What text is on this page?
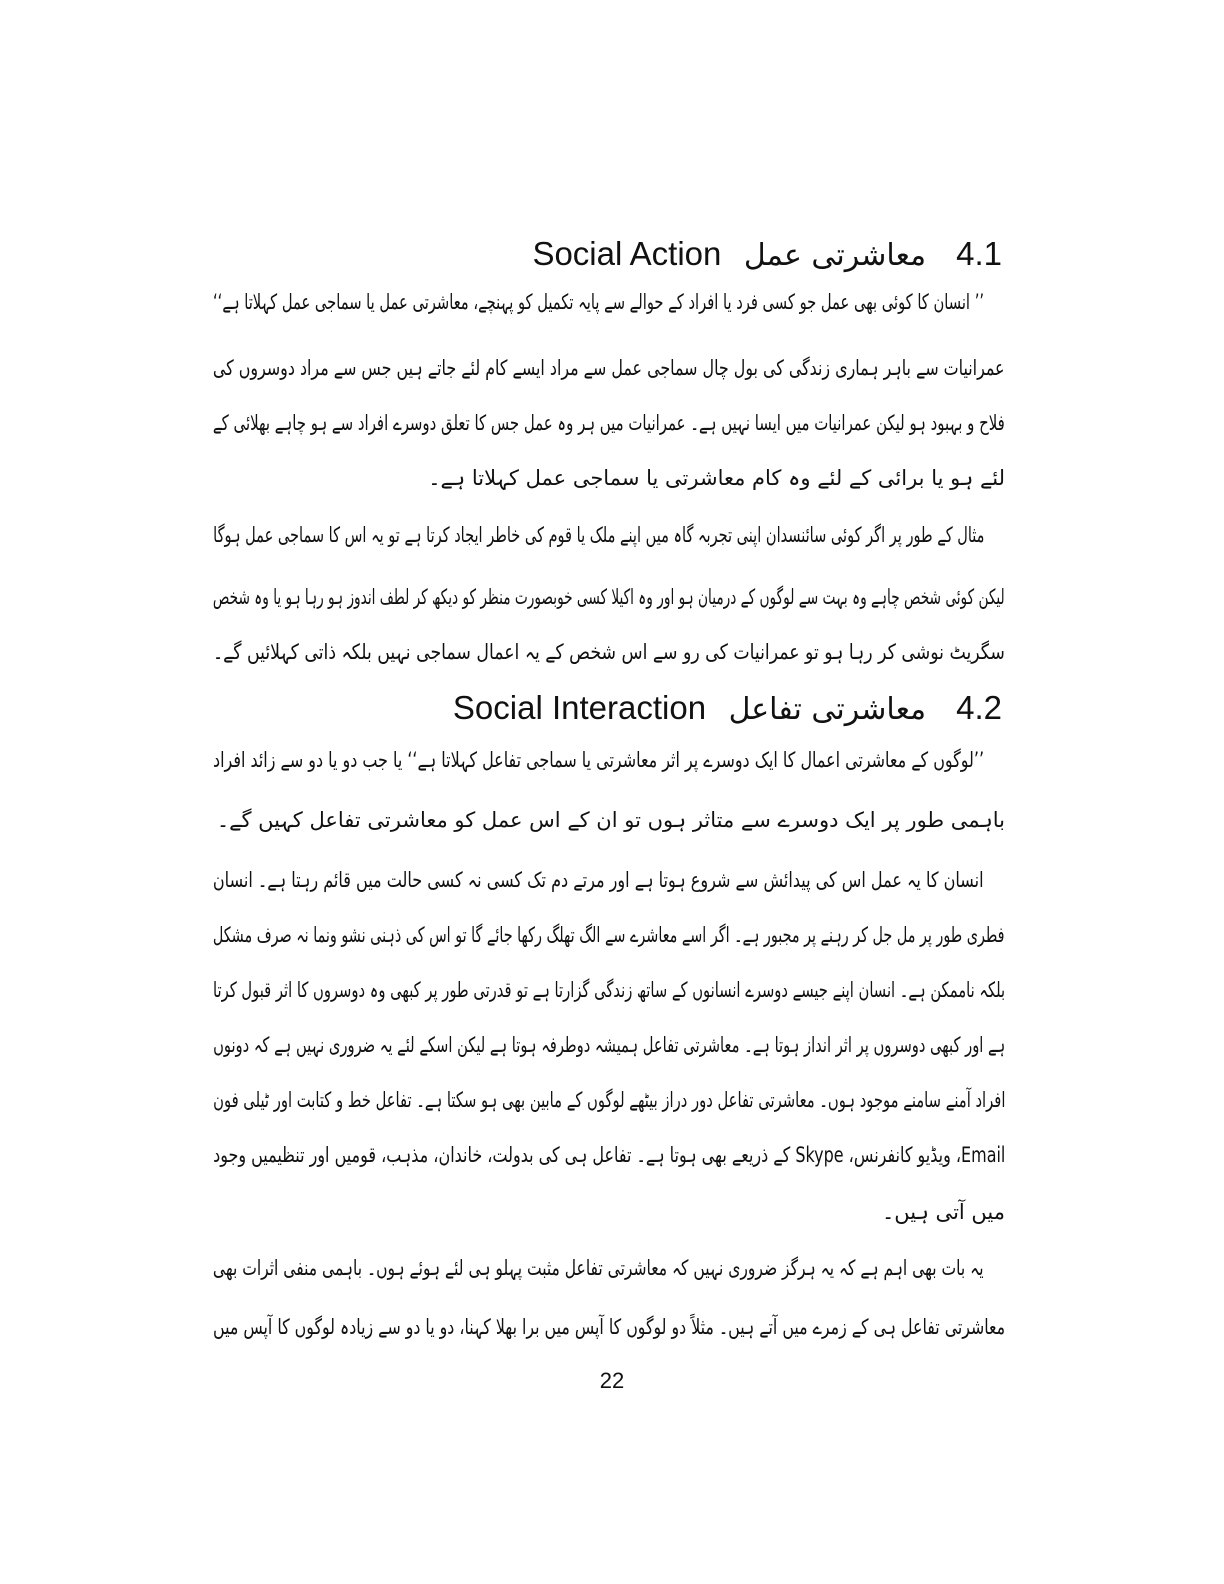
4.1معاشرتی عمل Social Action
’’ انسان کا کوئی بھی عمل جو کسی فرد یا افراد کے حوالے سے پایہ تکمیل کو پہنچے، معاشرتی عمل یا سماجی عمل کہلاتا ہے‘‘
عمرانیات سے باہر ہماری زندگی کی بول چال سماجی عمل سے مراد ایسے کام لئے جاتے ہیں جس سے مراد دوسروں کی
فلاح و بہبود ہو لیکن عمرانیات میں ایسا نہیں ہے۔ عمرانیات میں ہر وہ عمل جس کا تعلق دوسرے افراد سے ہو چاہے بھلائی کے
لئے ہو یا برائی کے لئے وہ کام معاشرتی یا سماجی عمل کہلاتا ہے۔
مثال کے طور پر اگر کوئی سائنسدان اپنی تجربہ گاہ میں اپنے ملک یا قوم کی خاطر ایجاد کرتا ہے تو یہ اس کا سماجی عمل ہوگا
لیکن کوئی شخص چاہے وہ بہت سے لوگوں کے درمیان ہو اور وہ اکیلا کسی خوبصورت منظر کو دیکھ کر لطف اندوز ہو رہا ہو یا وہ شخص
سگریٹ نوشی کر رہا ہو تو عمرانیات کی رو سے اس شخص کے یہ اعمال سماجی نہیں بلکہ ذاتی کہلائیں گے۔
4.2معاشرتی تفاعل Social Interaction
’’لوگوں کے معاشرتی اعمال کا ایک دوسرے پر اثر معاشرتی یا سماجی تفاعل کہلاتا ہے‘‘ یا جب دو یا دو سے زائد افراد
باہمی طور پر ایک دوسرے سے متاثر ہوں تو ان کے اس عمل کو معاشرتی تفاعل کہیں گے۔
انسان کا یہ عمل اس کی پیدائش سے شروع ہوتا ہے اور مرتے دم تک کسی نہ کسی حالت میں قائم رہتا ہے۔ انسان
فطری طور پر مل جل کر رہنے پر مجبور ہے۔ اگر اسے معاشرے سے الگ تھلگ رکھا جائے گا تو اس کی ذہنی نشو ونما نہ صرف مشکل
بلکہ ناممکن ہے۔ انسان اپنے جیسے دوسرے انسانوں کے ساتھ زندگی گزارتا ہے تو قدرتی طور پر کبھی وہ دوسروں کا اثر قبول کرتا
ہے اور کبھی دوسروں پر اثر انداز ہوتا ہے۔ معاشرتی تفاعل ہمیشہ دوطرفہ ہوتا ہے لیکن اسکے لئے یہ ضروری نہیں ہے کہ دونوں
افراد آمنے سامنے موجود ہوں۔ معاشرتی تفاعل دور دراز بیٹھے لوگوں کے مابین بھی ہو سکتا ہے۔ تفاعل خط و کتابت اور ٹیلی فون
Email، ویڈیو کانفرنس، Skype کے ذریعے بھی ہوتا ہے۔ تفاعل ہی کی بدولت، خاندان، مذہب، قومیں اور تنظیمیں وجود
میں آتی ہیں۔
یہ بات بھی اہم ہے کہ یہ ہرگز ضروری نہیں کہ معاشرتی تفاعل مثبت پہلو ہی لئے ہوئے ہوں۔ باہمی منفی اثرات بھی
معاشرتی تفاعل ہی کے زمرے میں آتے ہیں۔ مثلاً دو لوگوں کا آپس میں برا بھلا کہنا، دو یا دو سے زیادہ لوگوں کا آپس میں
22
